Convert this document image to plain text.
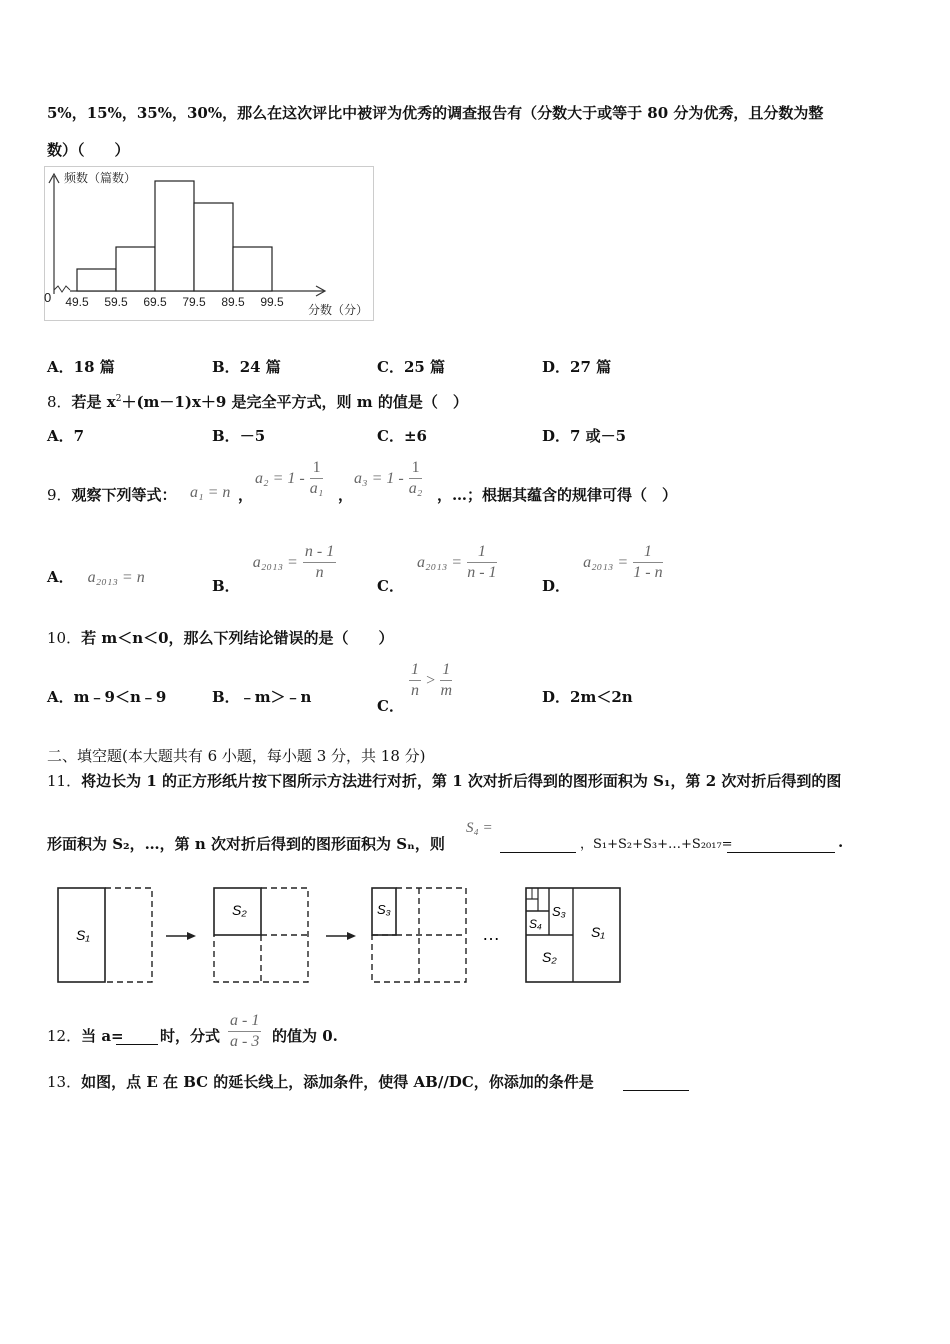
5%，15%，35%，30%，那么在这次评比中被评为优秀的调查报告有（分数大于或等于 80 分为优秀，且分数为整
数）（　　）
频数（篇数）
0 49.5 59.5 69.5 79.5 89.5 99.5
分数（分）
A．18 篇	B．24 篇	C．25 篇	D．27 篇
8．若是 $x^2+(m-1)x+9$ 是完全平方式，则 m 的值是（　）
A．7	B．－5	C．±6	D．7 或－5
9．观察下列等式： a₁ = n ，
$a_2 = 1 - \frac{1}{\text{a₁}}$ ，
$a_3 = 1 - \frac{1}{\text{a₂}}$ ，…；根据其蕴含的规律可得（　）
A． a₂₀₁₃ = n	B． $a_{2013} = \frac{n - 1}{n}$
C． $a_{2013} = \frac{1}{n - 1}$
D． $a_{2013} = \frac{1}{1 - n}$
10．若 m＜n＜0，那么下列结论错误的是（　　）
A．m﹣9＜n﹣9	B．﹣m＞﹣n	C．
$\frac{1}{n} > \frac{1}{m}$	D．2m＜2n
二、填空题(本大题共有 6 小题，每小题 3 分，共 18 分)
11．将边长为 1 的正方形纸片按下图所示方法进行对折，第 1 次对折后得到的图形面积为 S₁，第 2 次对折后得到的图
形面积为 S₂，…，第 n 次对折后得到的图形面积为 Sₙ，则
S₄ =
，S₁+S₂+S₃+…+S₂₀₁₇=	.
S₁
S₂	S₃
… S₄
S₃
S₁
S₂
12．当 a= 时，分式 $\frac{a - 1}{a - 3}$ 的值为 0.
13．如图，点 E 在 BC 的延长线上，添加条件，使得 AB//DC，你添加的条件是
